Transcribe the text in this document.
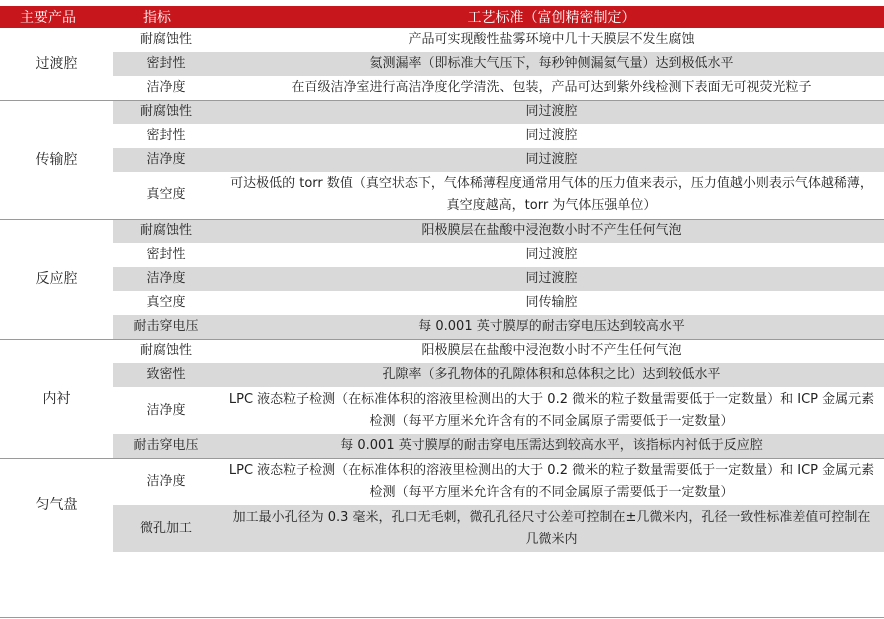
主要产品	指标	工艺标准（富创精密制定）
过渡腔	耐腐蚀性	产品可实现酸性盐雾环境中几十天膜层不发生腐蚀
	密封性	氦测漏率（即标准大气压下，每秒钟侧漏氦气量）达到极低水平
	洁净度	在百级洁净室进行高洁净度化学清洗、包装，产品可达到紫外线检测下表面无可视荧光粒子
传输腔	耐腐蚀性	同过渡腔
	密封性	同过渡腔
	洁净度	同过渡腔
	真空度	可达极低的 torr 数值（真空状态下，气体稀薄程度通常用气体的压力值来表示，压力值越小则表示气体越稀薄，真空度越高，torr 为气体压强单位）
反应腔	耐腐蚀性	阳极膜层在盐酸中浸泡数小时不产生任何气泡
	密封性	同过渡腔
	洁净度	同过渡腔
	真空度	同传输腔
	耐击穿电压	每 0.001 英寸膜厚的耐击穿电压达到较高水平
内衬	耐腐蚀性	阳极膜层在盐酸中浸泡数小时不产生任何气泡
	致密性	孔隙率（多孔物体的孔隙体积和总体积之比）达到较低水平
	洁净度	LPC 液态粒子检测（在标准体积的溶液里检测出的大于 0.2 微米的粒子数量需要低于一定数量）和 ICP 金属元素检测（每平方厘米允许含有的不同金属原子需要低于一定数量）
	耐击穿电压	每 0.001 英寸膜厚的耐击穿电压需达到较高水平，该指标内衬低于反应腔
匀气盘	洁净度	LPC 液态粒子检测（在标准体积的溶液里检测出的大于 0.2 微米的粒子数量需要低于一定数量）和 ICP 金属元素检测（每平方厘米允许含有的不同金属原子需要低于一定数量）
	微孔加工	加工最小孔径为 0.3 毫米，孔口无毛刺，微孔孔径尺寸公差可控制在±几微米内，孔径一致性标准差值可控制在几微米内
